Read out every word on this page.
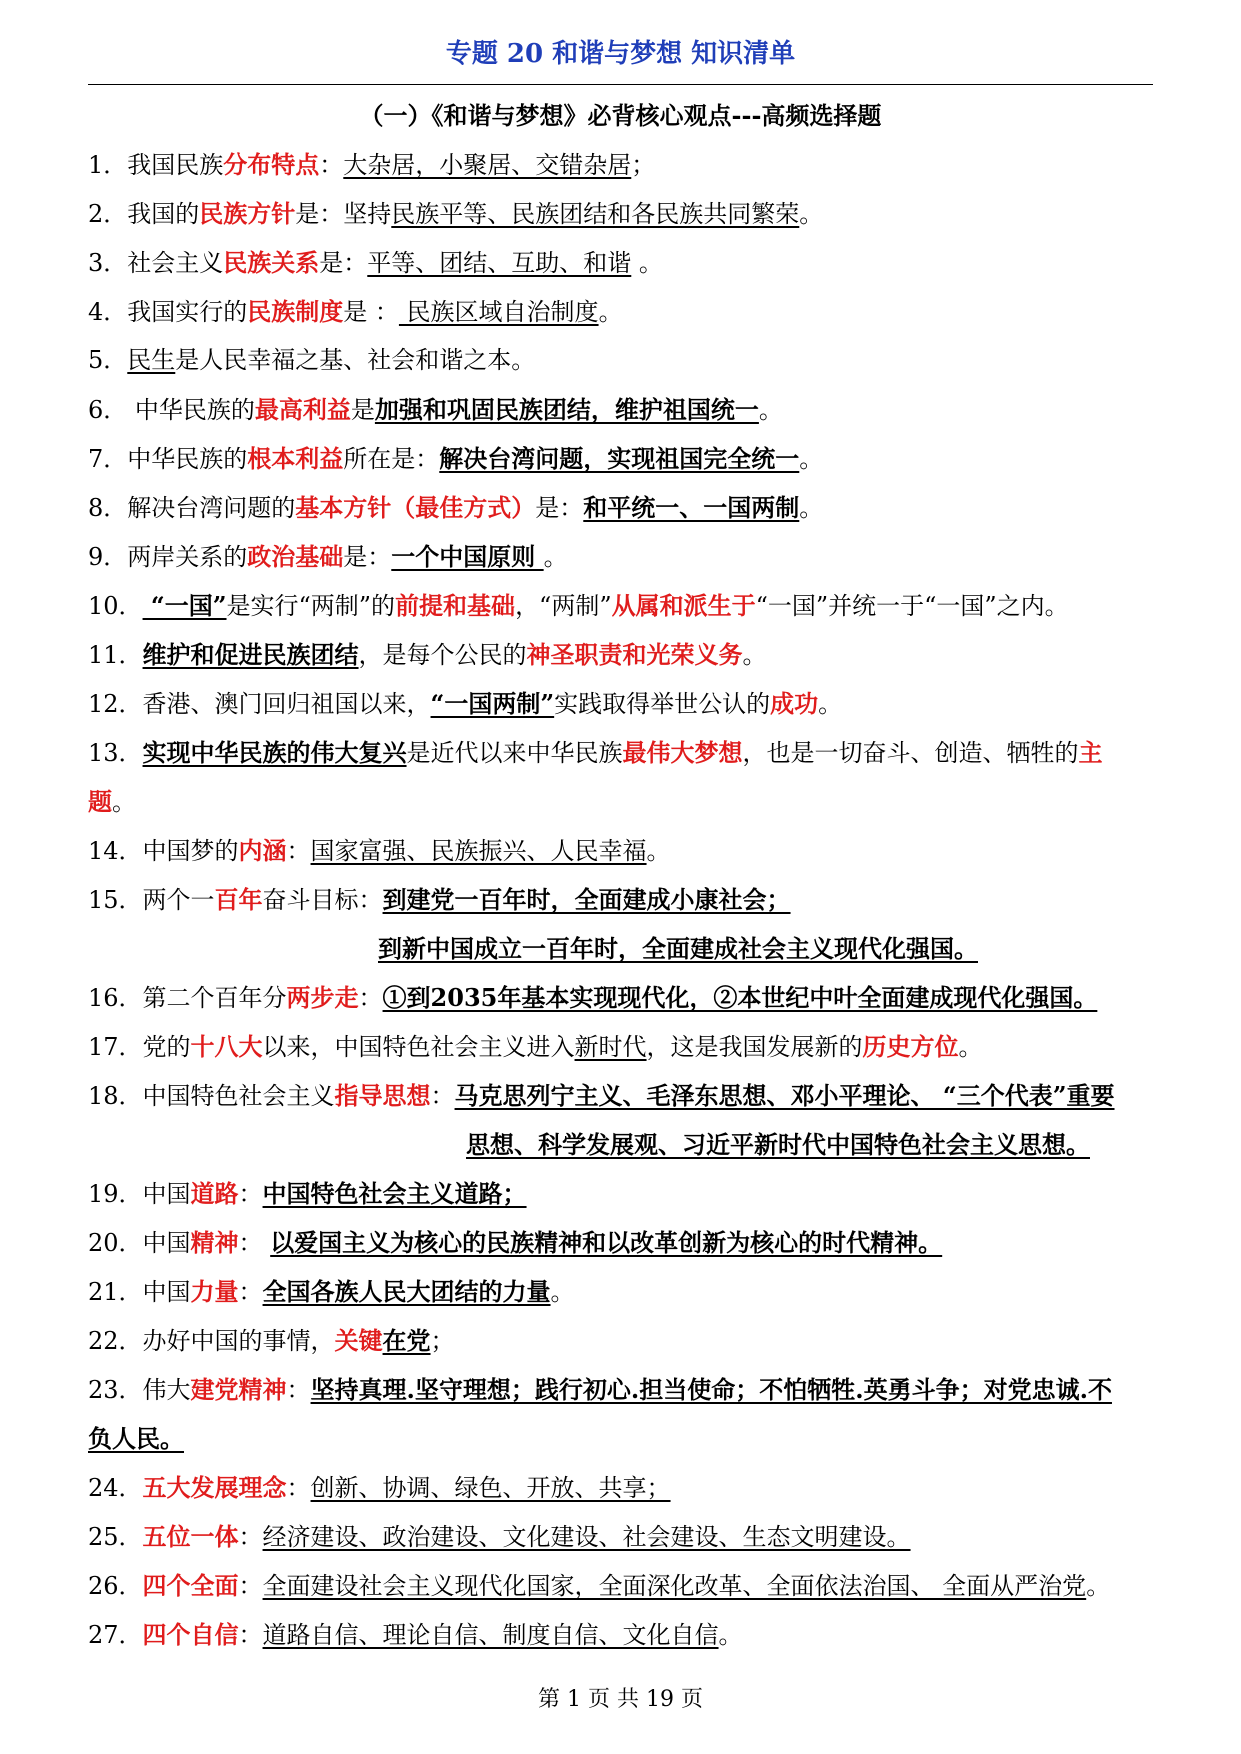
专题 20 和谐与梦想 知识清单
（一）《和谐与梦想》必背核心观点---高频选择题
1．我国民族分布特点：大杂居，小聚居、交错杂居；
2．我国的民族方针是：坚持民族平等、民族团结和各民族共同繁荣。
3．社会主义民族关系是：平等、团结、互助、和谐 。
4．我国实行的民族制度是 ： 民族区域自治制度。
5．民生是人民幸福之基、社会和谐之本。
6． 中华民族的最高利益是加强和巩固民族团结，维护祖国统一。
7．中华民族的根本利益所在是：解决台湾问题，实现祖国完全统一。
8．解决台湾问题的基本方针（最佳方式）是：和平统一、一国两制。
9．两岸关系的政治基础是：一个中国原则 。
10． “一国”是实行“两制”的前提和基础，“两制”从属和派生于“一国”并统一于“一国”之内。
11．维护和促进民族团结，是每个公民的神圣职责和光荣义务。
12．香港、澳门回归祖国以来，“一国两制”实践取得举世公认的成功。
13．实现中华民族的伟大复兴是近代以来中华民族最伟大梦想，也是一切奋斗、创造、牺牲的主
题。
14．中国梦的内涵：国家富强、民族振兴、人民幸福。
15．两个一百年奋斗目标：到建党一百年时，全面建成小康社会；
到新中国成立一百年时，全面建成社会主义现代化强国。
16．第二个百年分两步走：①到2035年基本实现现代化，②本世纪中叶全面建成现代化强国。
17．党的十八大以来，中国特色社会主义进入新时代，这是我国发展新的历史方位。
18．中国特色社会主义指导思想：马克思列宁主义、毛泽东思想、邓小平理论、 “三个代表”重要
思想、科学发展观、习近平新时代中国特色社会主义思想。
19．中国道路：中国特色社会主义道路；
20．中国精神： 以爱国主义为核心的民族精神和以改革创新为核心的时代精神。
21．中国力量：全国各族人民大团结的力量。
22．办好中国的事情，关键在党；
23．伟大建党精神：坚持真理.坚守理想；践行初心.担当使命；不怕牺牲.英勇斗争；对党忠诚.不
负人民。
24．五大发展理念：创新、协调、绿色、开放、共享；
25．五位一体：经济建设、政治建设、文化建设、社会建设、生态文明建设。
26．四个全面：全面建设社会主义现代化国家，全面深化改革、全面依法治国、 全面从严治党。
27．四个自信：道路自信、理论自信、制度自信、文化自信。
第 1 页 共 19 页
